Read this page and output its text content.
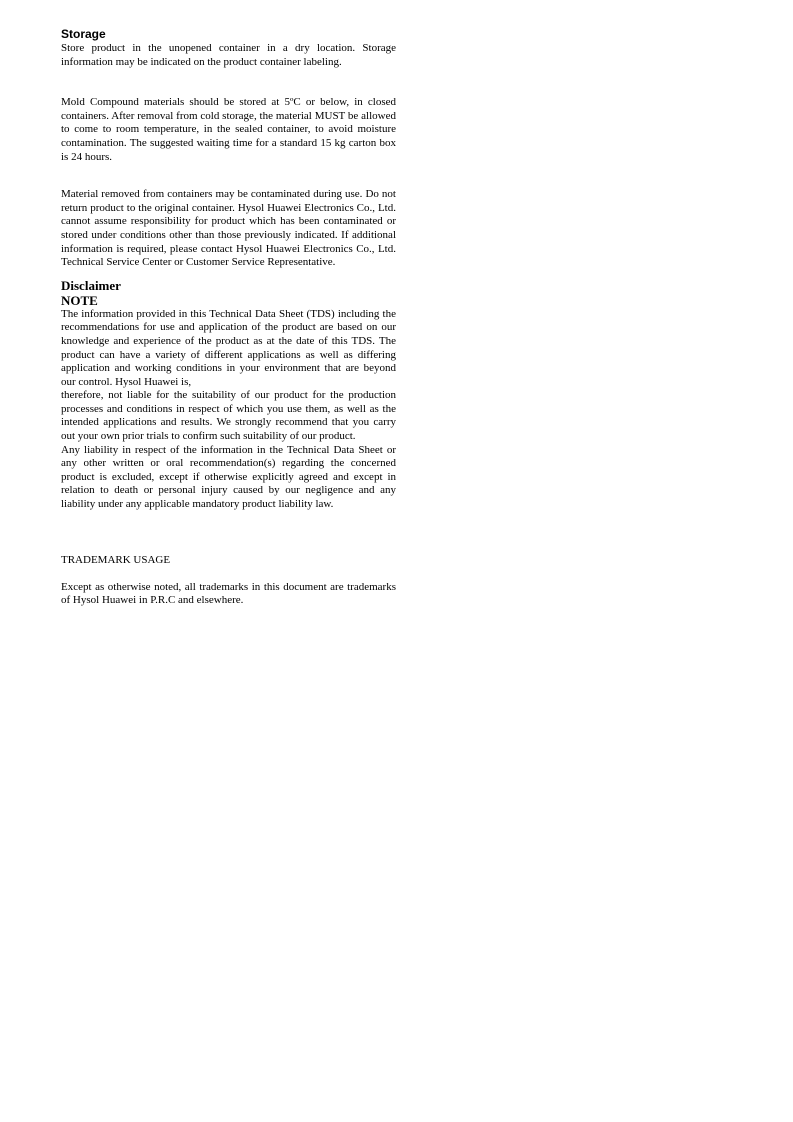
Storage

Store product in the unopened container in a dry location. Storage information may be indicated on the product container labeling.

Mold Compound materials should be stored at 5ºC or below, in closed containers. After removal from cold storage, the material MUST be allowed to come to room temperature, in the sealed container, to avoid moisture contamination. The suggested waiting time for a standard 15 kg carton box is 24 hours.

Material removed from containers may be contaminated during use. Do not return product to the original container. Hysol Huawei Electronics Co., Ltd. cannot assume responsibility for product which has been contaminated or stored under conditions other than those previously indicated. If additional information is required, please contact Hysol Huawei Electronics Co., Ltd. Technical Service Center or Customer Service Representative.

Disclaimer
NOTE

The information provided in this Technical Data Sheet (TDS) including the recommendations for use and application of the product are based on our knowledge and experience of the product as at the date of this TDS. The product can have a variety of different applications as well as differing application and working conditions in your environment that are beyond our control. Hysol Huawei is,

therefore, not liable for the suitability of our product for the production processes and conditions in respect of which you use them, as well as the intended applications and results. We strongly recommend that you carry out your own prior trials to confirm such suitability of our product.

Any liability in respect of the information in the Technical Data Sheet or any other written or oral recommendation(s) regarding the concerned product is excluded, except if otherwise explicitly agreed and except in relation to death or personal injury caused by our negligence and any liability under any applicable mandatory product liability law.

TRADEMARK USAGE

Except as otherwise noted, all trademarks in this document are trademarks of Hysol Huawei in P.R.C and elsewhere.
